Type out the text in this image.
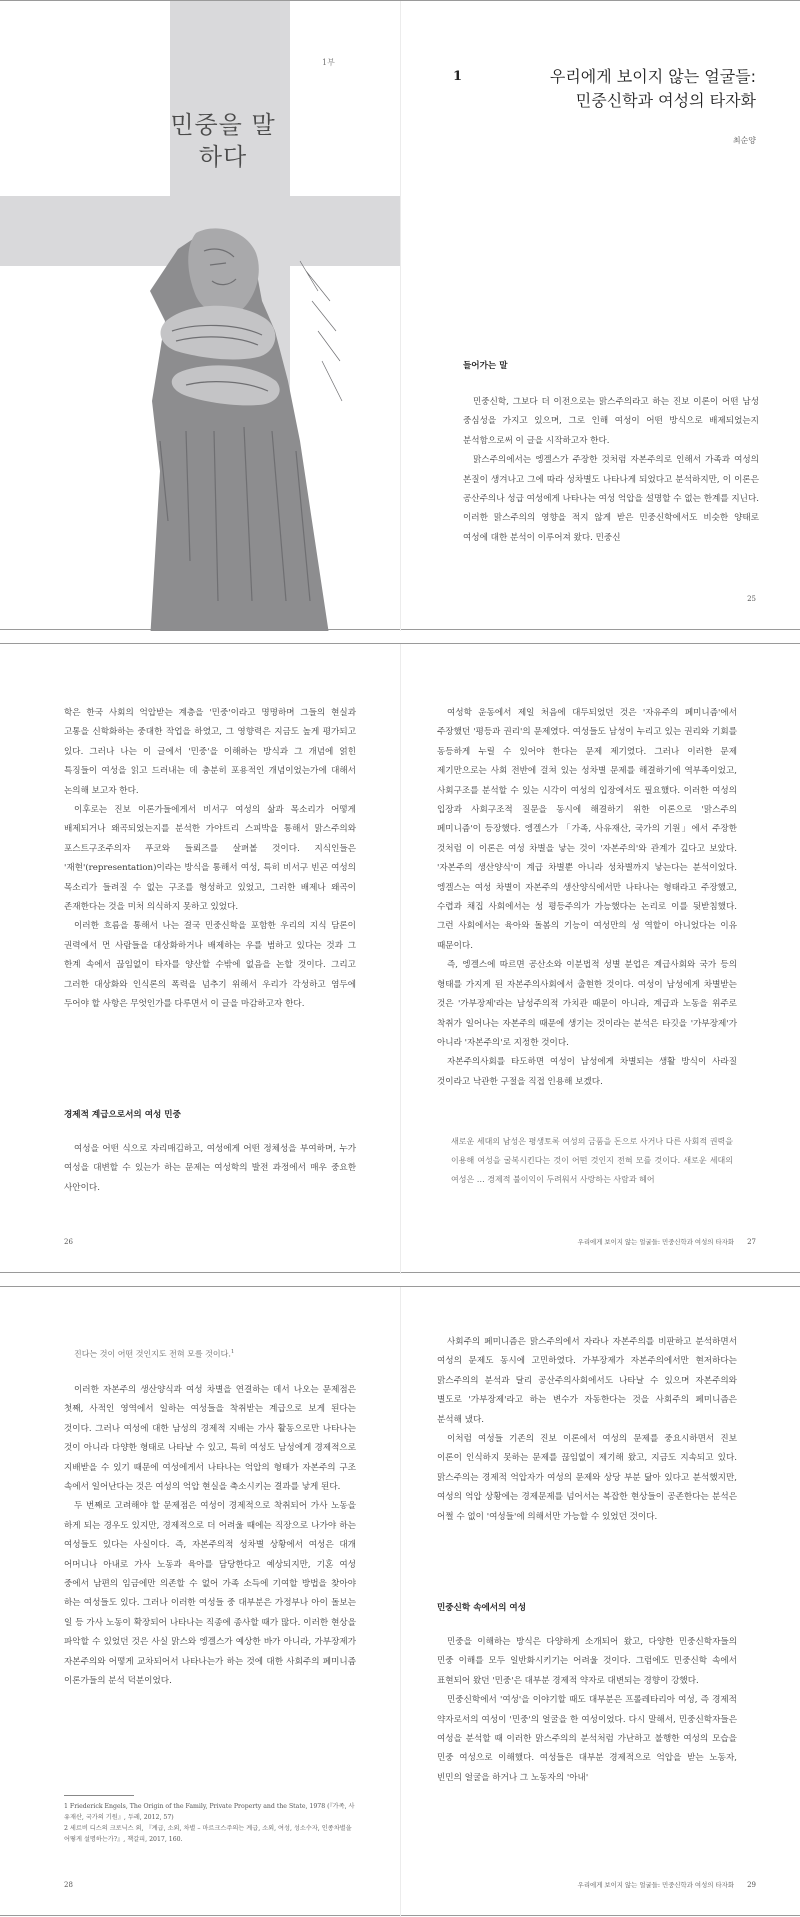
1부
민중을 말하다
1	우리에게 보이지 않는 얼굴들:
민중신학과 여성의 타자화
최순양
들어가는 말

민중신학, 그보다 더 이전으로는 맑스주의라고 하는 진보 이론이 어떤 남성 중심성을 가지고 있으며, 그로 인해 여성이 어떤 방식으로 배제되었는지 분석함으로써 이 글을 시작하고자 한다.

맑스주의에서는 엥겔스가 주장한 것처럼 자본주의로 인해서 가족과 여성의 본질이 생겨나고 그에 따라 성차별도 나타나게 되었다고 분석하지만, 이 이론은 공산주의나 성급 여성에게 나타나는 여성 억압을 설명할 수 없는 한계를 지닌다. 이러한 맑스주의의 영향을 적지 않게 받은 민중신학에서도 비슷한 양태로 여성에 대한 분석이 이루어져 왔다. 민중신

25

학은 한국 사회의 억압받는 계층을 '민중'이라고 명명하며 그들의 현실과 고통을 신학화하는 중대한 작업을 하였고, 그 영향력은 지금도 높게 평가되고 있다. 그러나 나는 이 글에서 '민중'을 이해하는 방식과 그 개념에 얽힌 특징들이 여성을 읽고 드러내는 데 충분히 포용적인 개념이었는가에 대해서 논의해 보고자 한다.

이후로는 진보 이론가들에게서 비서구 여성의 삶과 목소리가 어떻게 배제되거나 왜곡되었는지를 분석한 가야트리 스피박을 통해서 맑스주의와 포스트구조주의자 푸코와 들뢰즈를 살펴볼 것이다. 지식인들은 '재현'(representation)이라는 방식을 통해서 여성, 특히 비서구 빈곤 여성의 목소리가 들려질 수 없는 구조를 형성하고 있었고, 그러한 배제나 왜곡이 존재한다는 것을 미처 의식하지 못하고 있었다.

이러한 흐름을 통해서 나는 결국 민중신학을 포함한 우리의 지식 담론이 권력에서 먼 사람들을 대상화하거나 배제하는 우를 범하고 있다는 것과 그 한계 속에서 끊임없이 타자를 양산할 수밖에 없음을 논할 것이다. 그리고 그러한 대상화와 인식론의 폭력을 넘추기 위해서 우리가 각성하고 염두에 두어야 할 사항은 무엇인가를 다루면서 이 글을 마감하고자 한다.

경제적 계급으로서의 여성 민중

여성을 어떤 식으로 자리매김하고, 여성에게 어떤 정체성을 부여하며, 누가 여성을 대변할 수 있는가 하는 문제는 여성학의 발전 과정에서 매우 중요한 사안이다.

26

여성학 운동에서 제일 처음에 대두되었던 것은 '자유주의 페미니즘'에서 주장했던 '평등과 권리'의 문제였다. 여성들도 남성이 누리고 있는 권리와 기회를 동등하게 누릴 수 있어야 한다는 문제 제기였다. 그러나 이러한 문제 제기만으로는 사회 전반에 걸쳐 있는 성차별 문제를 해결하기에 역부족이었고, 사회구조를 분석할 수 있는 시각이 여성의 입장에서도 필요했다. 이러한 여성의 입장과 사회구조적 질문을 동시에 해결하기 위한 이론으로 '맑스주의 페미니즘'이 등장했다. 엥겔스가 「가족, 사유재산, 국가의 기원」에서 주장한 것처럼 이 이론은 여성 차별을 낳는 것이 '자본주의'와 관계가 깊다고 보았다. '자본주의 생산양식'이 계급 차별뿐 아니라 성차별까지 낳는다는 분석이었다. 엥겔스는 여성 차별이 자본주의 생산양식에서만 나타나는 형태라고 주장했고, 수렵과 채집 사회에서는 성 평등주의가 가능했다는 논리로 이를 뒷받침했다. 그런 사회에서는 육아와 돌봄의 기능이 여성만의 성 역할이 아니었다는 이유 때문이다.

즉, 엥겔스에 따르면 공산소와 이분법적 성별 분업은 계급사회와 국가 등의 형태를 가지게 된 자본주의사회에서 출현한 것이다. 여성이 남성에게 차별받는 것은 '가부장제'라는 남성주의적 가치관 때문이 아니라, 계급과 노동을 위주로 착취가 일어나는 자본주의 때문에 생기는 것이라는 분석은 타깃을 '가부장제'가 아니라 '자본주의'로 지정한 것이다.

자본주의사회를 타도하면 여성이 남성에게 차별되는 생활 방식이 사라질 것이라고 낙관한 구절을 직접 인용해 보겠다.

새로운 세대의 남성은 평생토록 여성의 금품을 돈으로 사거나 다른 사회적 권력을 이용해 여성을 굴복시킨다는 것이 어떤 것인지 전혀 모를 것이다. 새로운 세대의 여성은 … 경제적 불이익이 두려워서 사랑하는 사람과 헤어
우리에게 보이지 않는 얼굴들: 민중신학과 여성의 타자화 27
진다는 것이 어떤 것인지도 전혀 모를 것이다.$^1$

이러한 자본주의 생산양식과 여성 차별을 연결하는 데서 나오는 문제점은 첫째, 사적인 영역에서 일하는 여성들을 착취받는 계급으로 보게 된다는 것이다. 그러나 여성에 대한 남성의 경제적 지배는 가사 활동으로만 나타나는 것이 아니라 다양한 형태로 나타날 수 있고, 특히 여성도 남성에게 경제적으로 지배받을 수 있기 때문에 여성에게서 나타나는 억압의 형태가 자본주의 구조 속에서 일어난다는 것은 여성의 억압 현실을 축소시키는 결과를 낳게 된다.

두 번째로 고려해야 할 문제점은 여성이 경제적으로 착취되어 가사 노동을 하게 되는 경우도 있지만, 경제적으로 더 어려울 때에는 직장으로 나가야 하는 여성들도 있다는 사실이다. 즉, 자본주의적 성차별 상황에서 여성은 대개 어머니나 아내로 가사 노동과 육아를 담당한다고 예상되지만, 기혼 여성 중에서 남편의 임금에만 의존할 수 없어 가족 소득에 기여할 방법을 찾아야 하는 여성들도 있다. 그러나 이러한 여성들 중 대부분은 가정부나 아이 돌보는 일 등 가사 노동이 확장되어 나타나는 직종에 종사할 때가 많다. 이러한 현상을 파악할 수 있었던 것은 사실 맑스와 엥겔스가 예상한 바가 아니라, 가부장제가 자본주의와 어떻게 교차되어서 나타나는가 하는 것에 대한 사회주의 페미니즘 이론가들의 분석 덕분이었다.

1 Friederick Engels, The Origin of the Family, Private Property and the State, 1978 (『가족, 사유재산, 국가의 기원』, 두레, 2012, 57)
2 세르비 디스의 크로닉스 외, 『계급, 소외, 차별 – 마르크스주의는 계급, 소외, 여성, 성소수자, 인종차별을 어떻게 설명하는가?』, 책갈피, 2017, 160.
28

사회주의 페미니즘은 맑스주의에서 자라나 자본주의를 비판하고 분석하면서 여성의 문제도 동시에 고민하였다. 가부장제가 자본주의에서만 현저하다는 맑스주의의 분석과 달리 공산주의사회에서도 나타날 수 있으며 자본주의와 별도로 '가부장제'라고 하는 변수가 자동한다는 것을 사회주의 페미니즘은 분석해 냈다.

이처럼 여성들 기존의 진보 이론에서 여성의 문제를 중요시하면서 진보 이론이 인식하지 못하는 문제를 끊임없이 제기해 왔고, 지금도 지속되고 있다. 맑스주의는 경제적 억압자가 여성의 문제와 상당 부분 닮아 있다고 분석했지만, 여성의 억압 상황에는 경제문제를 넘어서는 복잡한 현상들이 공존한다는 분석은 어쩔 수 없이 '여성들'에 의해서만 가능할 수 있었던 것이다.

민중신학 속에서의 여성

민중을 이해하는 방식은 다양하게 소개되어 왔고, 다양한 민중신학자들의 민중 이해를 모두 일반화시키기는 어려울 것이다. 그럼에도 민중신학 속에서 표현되어 왔던 '민중'은 대부분 경제적 약자로 대변되는 경향이 강했다.

민중신학에서 '여성'을 이야기할 때도 대부분은 프롤레타리아 여성, 즉 경제적 약자로서의 여성이 '민중'의 얼굴을 한 여성이었다. 다시 말해서, 민중신학자들은 여성을 분석할 때 이러한 맑스주의의 분석처럼 가난하고 불행한 여성의 모습을 민중 여성으로 이해했다. 여성들은 대부분 경제적으로 억압을 받는 노동자, 빈민의 얼굴을 하거나 그 노동자의 '아내'

우리에게 보이지 않는 얼굴들: 민중신학과 여성의 타자화 29
